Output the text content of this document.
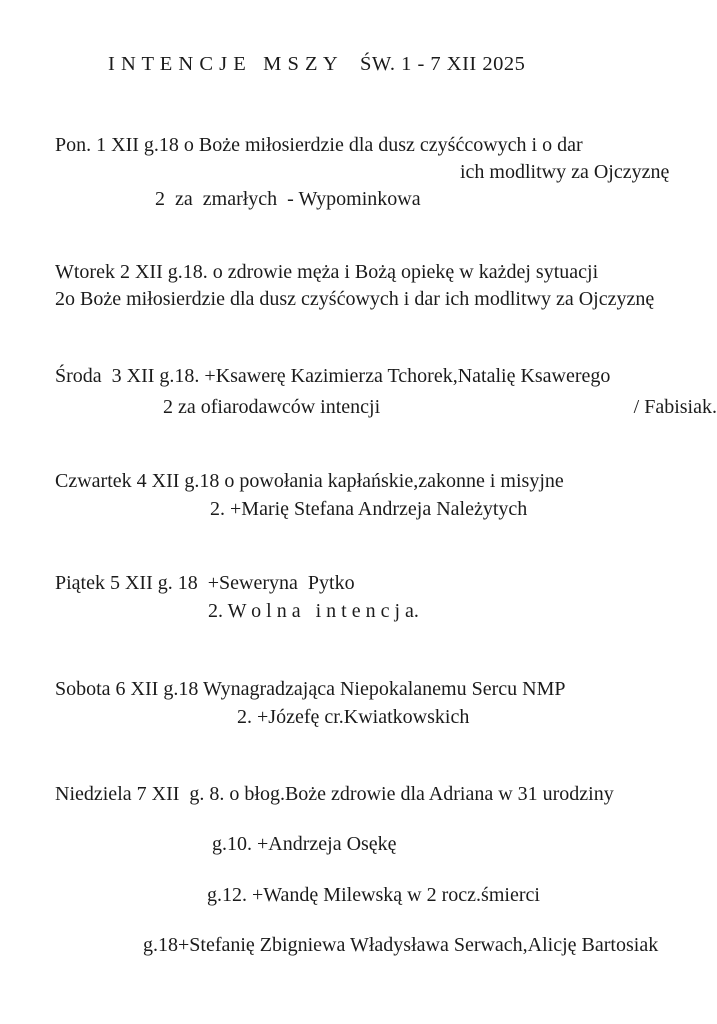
I N T E N C J E   M S Z Y    ŚW. 1 - 7 XII 2025
Pon. 1 XII g.18 o Boże miłosierdzie dla dusz czyśćcowych i o dar
ich modlitwy za Ojczyznę
2  za  zmarłych  - Wypominkowa
Wtorek 2 XII g.18. o zdrowie męża i Bożą opiekę w każdej sytuacji
2o Boże miłosierdzie dla dusz czyśćowych i dar ich modlitwy za Ojczyznę
Środa  3 XII g.18. +Ksawerę Kazimierza Tchorek,Natalię Ksawerego
2 za ofiarodawców intencji	/ Fabisiak.
Czwartek 4 XII g.18 o powołania kapłańskie,zakonne i misyjne
2. +Marię Stefana Andrzeja Należytych
Piątek 5 XII g. 18  +Seweryna  Pytko
2. W o l n a   i n t e n c j a.
Sobota 6 XII g.18 Wynagradzająca Niepokalanemu Sercu NMP
2. +Józefę cr.Kwiatkowskich
Niedziela 7 XII  g. 8. o błog.Boże zdrowie dla Adriana w 31 urodziny
g.10. +Andrzeja Osękę
g.12. +Wandę Milewską w 2 rocz.śmierci
g.18+Stefanię Zbigniewa Władysława Serwach,Alicję Bartosiak
